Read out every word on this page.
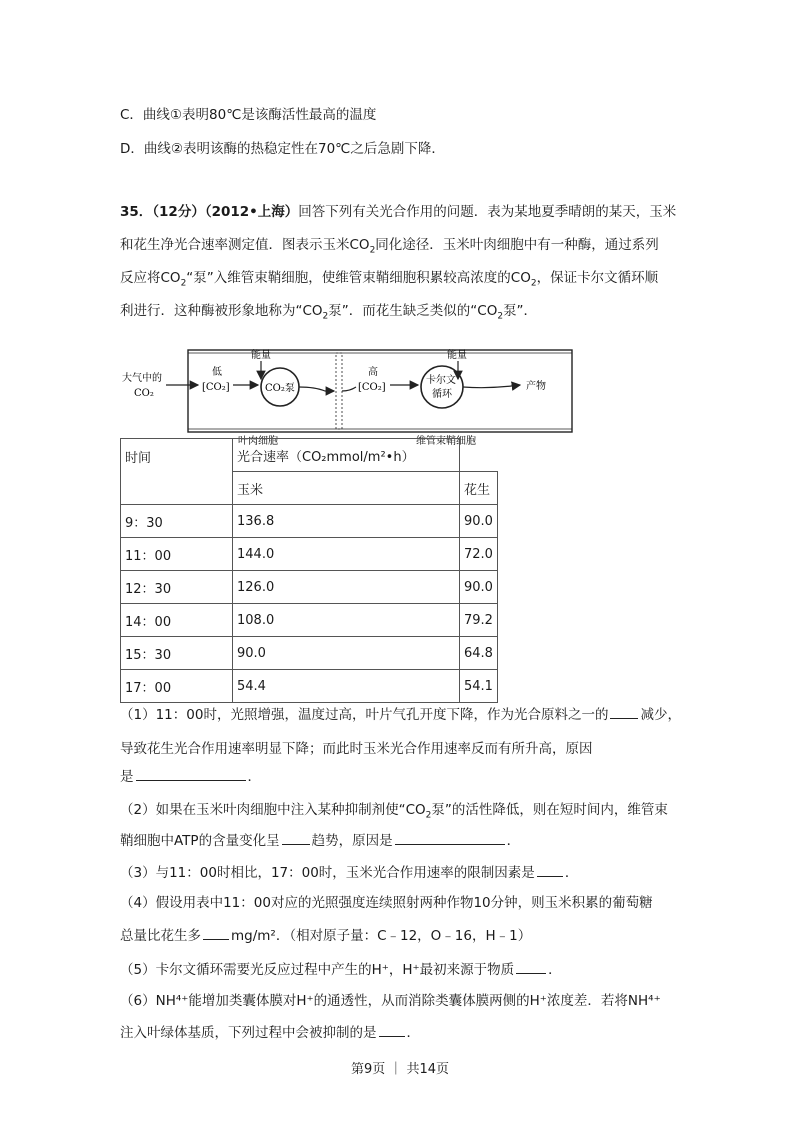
C．曲线①表明80℃是该酶活性最高的温度
D．曲线②表明该酶的热稳定性在70℃之后急剧下降．
35．（12分）（2012•上海）回答下列有关光合作用的问题．表为某地夏季晴朗的某天，玉米
和花生净光合速率测定值．图表示玉米$CO_2$同化途径．玉米叶肉细胞中有一种酶，通过系列
反应将$CO_2“$泵”入维管束鞘细胞，使维管束鞘细胞积累较高浓度的$CO_2$，保证卡尔文循环顺
利进行．这种酶被形象地称为“$CO_2$泵”．而花生缺乏类似的“$CO_2$泵”．
能量	能量
大气中的
CO₂
低
[CO₂]	CO₂泵
高
[CO₂]
卡尔文
循环
产物
叶肉细胞	维管束鞘细胞
时间	光合速率（CO₂mmol/m²•h）	
	玉米	花生
9：30	136.8	90.0
11：00	144.0	72.0
12：30	126.0	90.0
14：00	108.0	79.2
15：30	90.0	64.8
17：00	54.4	54.1
（1）11：00时，光照增强，温度过高，叶片气孔开度下降，作为光合原料之一的 减少，
导致花生光合作用速率明显下降；而此时玉米光合作用速率反而有所升高，原因
是	．
（2）如果在玉米叶肉细胞中注入某种抑制剂使“$CO_2$泵”的活性降低，则在短时间内，维管束
鞘细胞中ATP的含量变化呈 趋势，原因是	．
（3）与11：00时相比，17：00时，玉米光合作用速率的限制因素是 ．
（4）假设用表中11：00对应的光照强度连续照射两种作物10分钟，则玉米积累的葡萄糖
总量比花生多 mg/m²．（相对原子量：C﹣12，O﹣16，H﹣1）
（5）卡尔文循环需要光反应过程中产生的H⁺，H⁺最初来源于物质	．
（6）NH⁴⁺能增加类囊体膜对H⁺的通透性，从而消除类囊体膜两侧的H⁺浓度差．若将NH⁴⁺
注入叶绿体基质，下列过程中会被抑制的是 ．
第9页 ｜ 共14页
